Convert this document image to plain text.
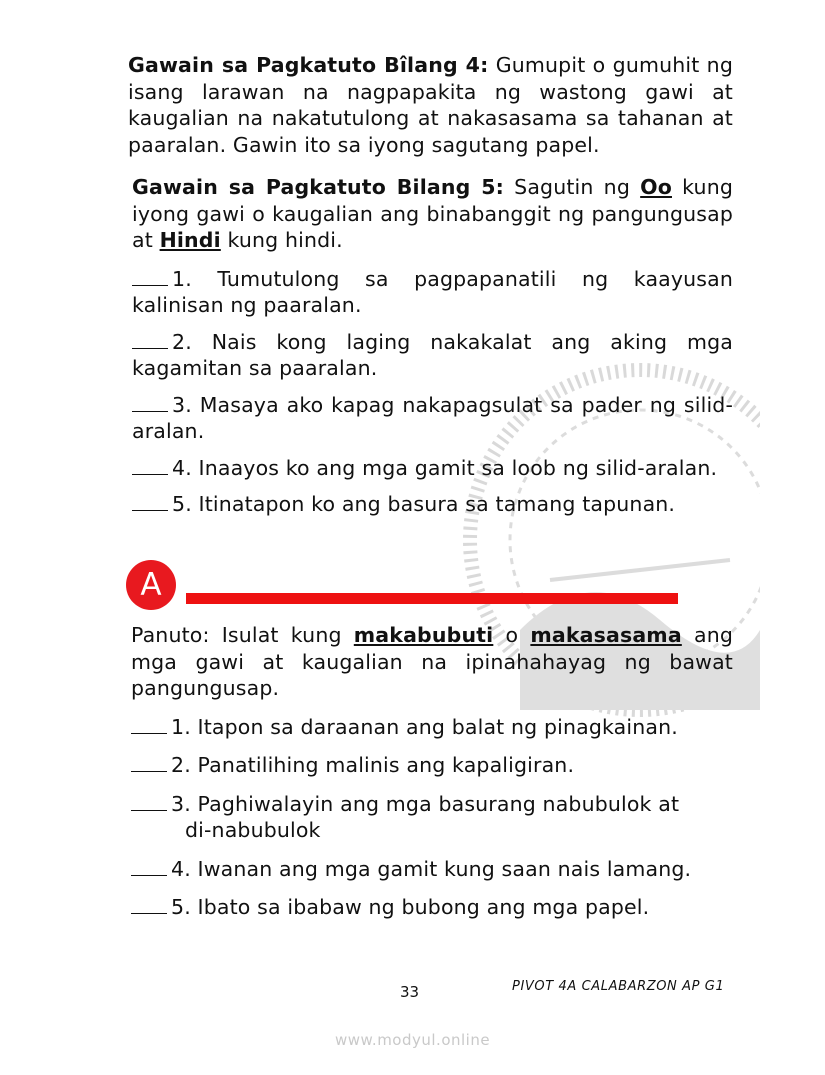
Gawain sa Pagkatuto Bîlang 4: Gumupit o gumuhit ng isang larawan na nagpapakita ng wastong gawi at kaugalian na nakatutulong at nakasasama sa tahanan at paaralan. Gawin ito sa iyong sagutang papel.

Gawain sa Pagkatuto Bilang 5: Sagutin ng Oo kung iyong gawi o kaugalian ang binabanggit ng pangungusap at Hindi kung hindi.

1. Tumutulong sa pagpapanatili ng kaayusan kalinisan ng paaralan.

2. Nais kong laging nakakalat ang aking mga kagamitan sa paaralan.

3. Masaya ako kapag nakapagsulat sa pader ng silid-aralan.

4. Inaayos ko ang mga gamit sa loob ng silid-aralan.

5. Itinatapon ko ang basura sa tamang tapunan.

A

Panuto: Isulat kung makabubuti o makasasama ang mga gawi at kaugalian na ipinahahayag ng bawat pangungusap.

1. Itapon sa daraanan ang balat ng pinagkainan.

2. Panatilihing malinis ang kapaligiran.

3. Paghiwalayin ang mga basurang nabubulok at
di-nabubulok

4. Iwanan ang mga gamit kung saan nais lamang.

5. Ibato sa ibabaw ng bubong ang mga papel.

33	PIVOT 4A CALABARZON AP G1
www.modyul.online
